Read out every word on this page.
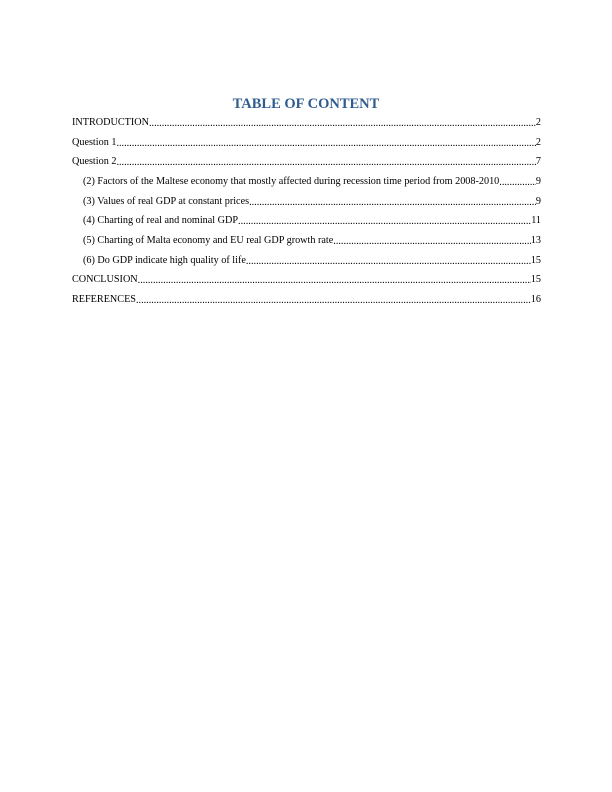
TABLE OF CONTENT
INTRODUCTION .....	2
Question 1 .....	2
Question 2 .....	7
(2) Factors of the Maltese economy that mostly affected during recession time period from 2008-2010 .....	9
(3) Values of real GDP at constant prices .....	9
(4) Charting of real and nominal GDP .....	11
(5) Charting of Malta economy and EU real GDP growth rate .....	13
(6) Do GDP indicate high quality of life .....	15
CONCLUSION .....	15
REFERENCES .....	16
